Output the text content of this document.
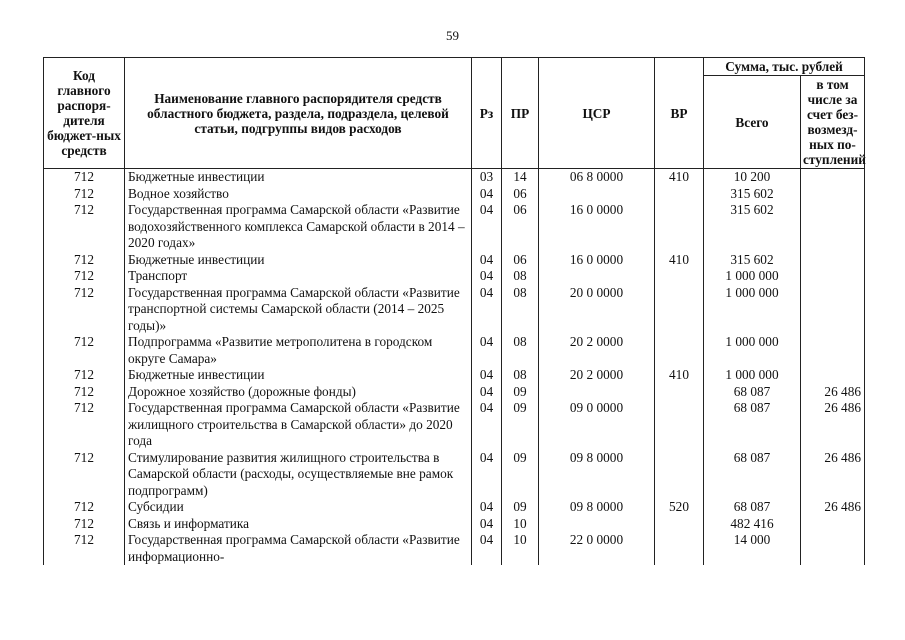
59
Код главного распоря-дителя бюджет-ных средств	Наименование главного распорядителя средств областного бюджета, раздела, подраздела, целевой статьи, подгруппы видов расходов	Рз	ПР	ЦСР	ВР	Сумма, тыс. рублей	
						Всего	в том числе за счет без-возмезд-ных по-ступлений
712	Бюджетные инвестиции	03	14	06 8 0000	410	10 200	
712	Водное хозяйство	04	06			315 602	
712	Государственная программа Самарской области «Развитие водохозяйственного комплекса Самарской области в 2014 – 2020 годах»	04	06	16 0 0000		315 602	
712	Бюджетные инвестиции	04	06	16 0 0000	410	315 602	
712	Транспорт	04	08			1 000 000	
712	Государственная программа Самарской области «Развитие транспортной системы Самарской области (2014 – 2025 годы)»	04	08	20 0 0000		1 000 000	
712	Подпрограмма «Развитие метрополитена в городском округе Самара»	04	08	20 2 0000		1 000 000	
712	Бюджетные инвестиции	04	08	20 2 0000	410	1 000 000	
712	Дорожное хозяйство (дорожные фонды)	04	09			68 087	26 486
712	Государственная программа Самарской области «Развитие жилищного строительства в Самарской области» до 2020 года	04	09	09 0 0000		68 087	26 486
712	Стимулирование развития жилищного строительства в Самарской области (расходы, осуществляемые вне рамок подпрограмм)	04	09	09 8 0000		68 087	26 486
712	Субсидии	04	09	09 8 0000	520	68 087	26 486
712	Связь и информатика	04	10			482 416	
712	Государственная программа Самарской области «Развитие информационно-	04	10	22 0 0000		14 000	
